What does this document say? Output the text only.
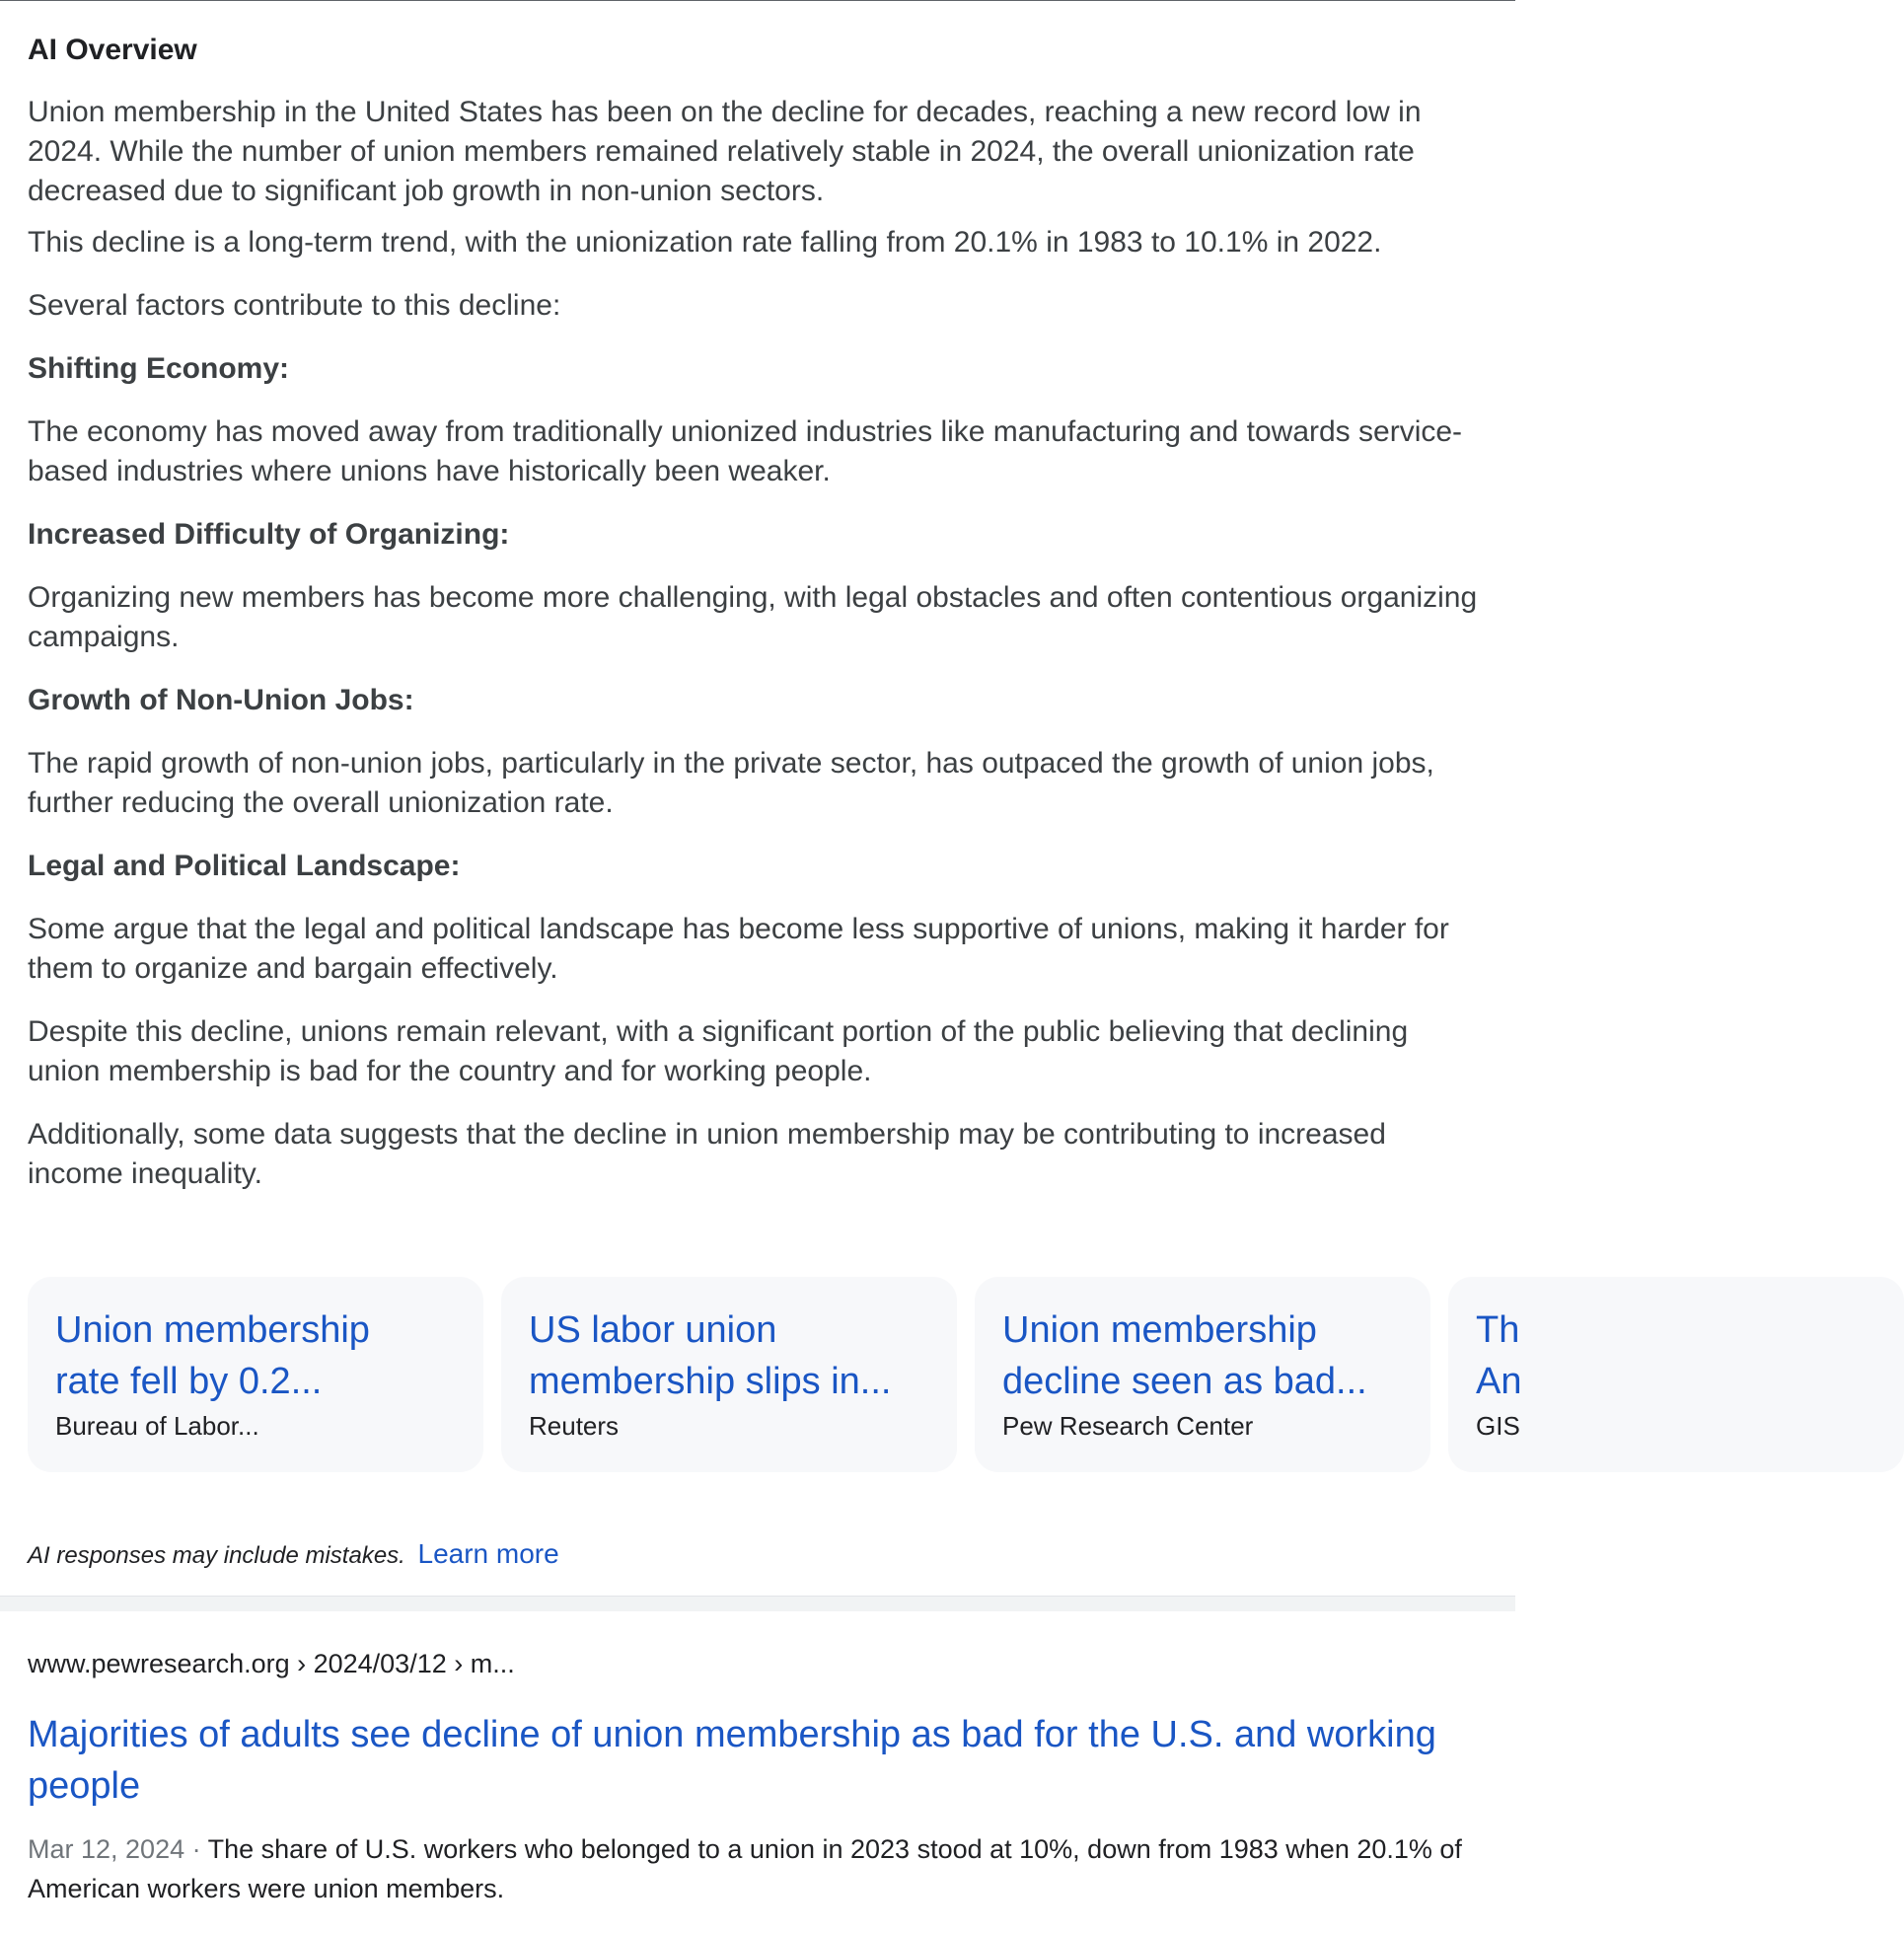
AI Overview

Union membership in the United States has been on the decline for decades, reaching a new record low in 2024. While the number of union members remained relatively stable in 2024, the overall unionization rate decreased due to significant job growth in non-union sectors.

This decline is a long-term trend, with the unionization rate falling from 20.1% in 1983 to 10.1% in 2022.

Several factors contribute to this decline:

Shifting Economy:

The economy has moved away from traditionally unionized industries like manufacturing and towards service-based industries where unions have historically been weaker.

Increased Difficulty of Organizing:

Organizing new members has become more challenging, with legal obstacles and often contentious organizing campaigns.

Growth of Non-Union Jobs:

The rapid growth of non-union jobs, particularly in the private sector, has outpaced the growth of union jobs, further reducing the overall unionization rate.

Legal and Political Landscape:

Some argue that the legal and political landscape has become less supportive of unions, making it harder for them to organize and bargain effectively.

Despite this decline, unions remain relevant, with a significant portion of the public believing that declining union membership is bad for the country and for working people.

Additionally, some data suggests that the decline in union membership may be contributing to increased income inequality.

Union membership
rate fell by 0.2...
Bureau of Labor...
US labor union
membership slips in...
Reuters
Union membership
decline seen as bad...
Pew Research Center
Th
An
GIS
AI responses may include mistakes. Learn more
www.pewresearch.org › 2024/03/12 › m...
Majorities of adults see decline of union membership as bad for the U.S. and working people
Mar 12, 2024 · The share of U.S. workers who belonged to a union in 2023 stood at 10%, down from 1983 when 20.1% of American workers were union members.
